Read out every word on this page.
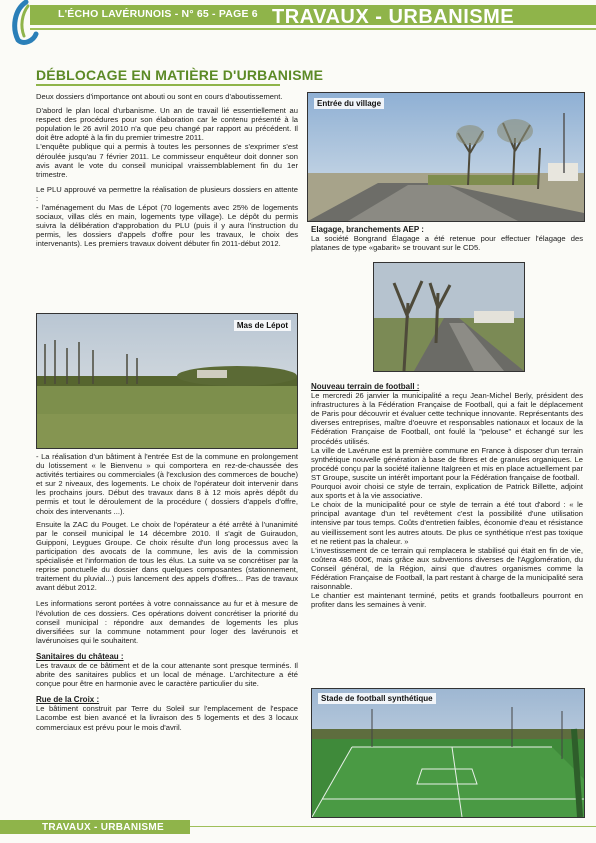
L'ÉCHO LAVÉRUNOIS - N° 65 - PAGE 6 TRAVAUX - URBANISME
DÉBLOCAGE EN MATIÈRE D'URBANISME

Deux dossiers d'importance ont abouti ou sont en cours d'aboutissement.

D'abord le plan local d'urbanisme. Un an de travail lié essentiellement au respect des procédures pour son élaboration car le contenu présenté à la population le 26 avril 2010 n'a que peu changé par rapport au précédent. Il doit être adopté à la fin du premier trimestre 2011.

L'enquête publique qui a permis à toutes les personnes de s'exprimer s'est déroulée jusqu'au 7 février 2011. Le commisseur enquêteur doit donner son avis avant le vote du conseil municipal vraissemblablement fin du 1er trimestre.

Le PLU approuvé va permettre la réalisation de plusieurs dossiers en attente :

- l'aménagement du Mas de Lépot (70 logements avec 25% de logements sociaux, villas clés en main, logements type village). Le dépôt du permis suivra la délibération d'approbation du PLU (puis il y aura l'instruction du permis, les dossiers d'appels d'offre pour les travaux, le choix des intervenants). Les premiers travaux doivent débuter fin 2011-début 2012.

Mas de Lépot

- La réalisation d'un bâtiment à l'entrée Est de la commune en prolongement du lotissement « le Bienvenu » qui comportera en rez-de-chaussée des activités tertiaires ou commerciales (à l'exclusion des commerces de bouche) et sur 2 niveaux, des logements. Le choix de l'opérateur doit intervenir dans les prochains jours. Début des travaux dans 8 à 12 mois après dépôt du permis et tout le déroulement de la procédure ( dossiers d'appels d'offre, choix des intervenants ...).

Ensuite la ZAC du Pouget. Le choix de l'opérateur a été arrêté à l'unanimité par le conseil municipal le 14 décembre 2010. Il s'agit de Guiraudon, Guipponi, Leygues Groupe. Ce choix résulte d'un long processus avec la participation des avocats de la commune, les avis de la commission spécialisée et l'information de tous les élus. La suite va se concrétiser par la reprise ponctuelle du dossier dans quelques composantes (stationnement, traitement du pluvial...) puis lancement des appels d'offres... Pas de travaux avant début 2012.

Les informations seront portées à votre connaissance au fur et à mesure de l'évolution de ces dossiers. Ces opérations doivent concrétiser la priorité du conseil municipal : répondre aux demandes de logements les plus diversifiées sur la commune notamment pour loger des lavérunois et lavérunoises qui le souhaitent.

Sanitaires du château :

Les travaux de ce bâtiment et de la cour attenante sont presque terminés. Il abrite des sanitaires publics et un local de ménage. L'architecture a été conçue pour être en harmonie avec le caractère particulier du site.

Rue de la Croix :

Le bâtiment construit par Terre du Soleil sur l'emplacement de l'espace Lacombe est bien avancé et la livraison des 5 logements et des 3 locaux commerciaux est prévu pour le mois d'avril.

Entrée du village
Elagage, branchements AEP :

La société Bongrand Élagage a été retenue pour effectuer l'élagage des platanes de type «gabarit» se trouvant sur le CD5.

Nouveau terrain de football :

Le mercredi 26 janvier la municipalité a reçu Jean-Michel Berly, président des infrastructures à la Fédération Française de Football, qui a fait le déplacement de Paris pour découvrir et évaluer cette technique innovante. Représentants des diverses entreprises, maître d'oeuvre et responsables nationaux et locaux de la Fédération Française de Football, ont foulé la "pelouse" et échangé sur les procédés utilisés.

La ville de Lavérune est la première commune en France à disposer d'un terrain synthétique nouvelle génération à base de fibres et de granules organiques. Le procédé conçu par la société italienne Italgreen et mis en place actuellement par ST Groupe, suscite un intérêt important pour la Fédération française de football.

Pourquoi avoir choisi ce style de terrain, explication de Patrick Billette, adjoint aux sports et à la vie associative.

Le choix de la municipalité pour ce style de terrain a été tout d'abord : « le principal avantage d'un tel revêtement c'est la possibilité d'une utilisation intensive par tous temps. Coûts d'entretien faibles, économie d'eau et résistance au vieillissement sont les autres atouts. De plus ce synthétique n'est pas toxique et ne retient pas la chaleur. »

L'investissement de ce terrain qui remplacera le stabilisé qui était en fin de vie, coûtera 485 000€, mais grâce aux subventions diverses de l'Agglomération, du Conseil général, de la Région, ainsi que d'autres organismes comme la Fédération Française de Football, la part restant à charge de la municipalité sera raisonnable.

Le chantier est maintenant terminé, petits et grands footballeurs pourront en profiter dans les semaines à venir.

Stade de football synthétique
TRAVAUX - URBANISME
